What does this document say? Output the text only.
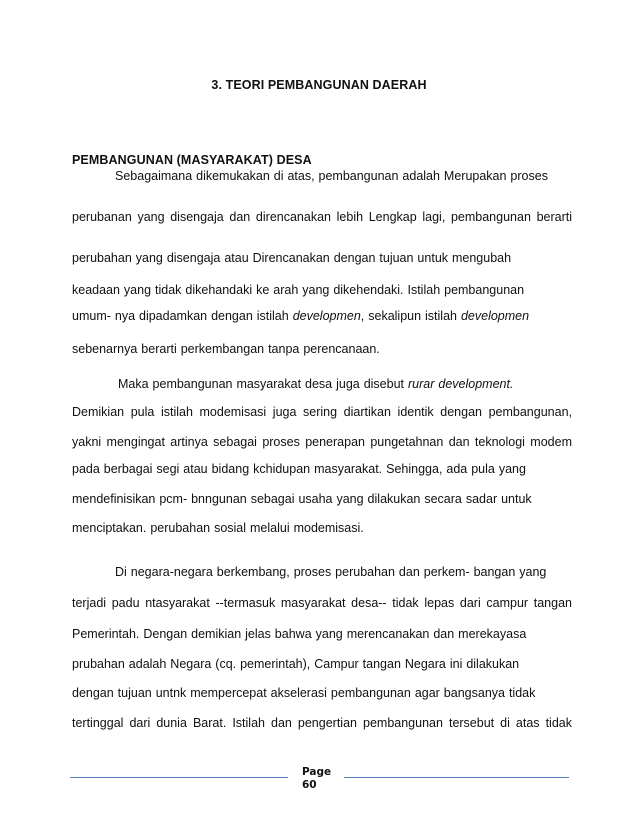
3. TEORI PEMBANGUNAN DAERAH
PEMBANGUNAN (MASYARAKAT) DESA
Sebagaimana dikemukakan di atas, pembangunan adalah Merupakan proses
perubanan yang disengaja dan direncanakan lebih Lengkap lagi, pembangunan berarti
perubahan yang disengaja atau Direncanakan dengan tujuan untuk mengubah
keadaan yang tidak dikehandaki ke arah yang dikehendaki. Istilah pembangunan
umum- nya dipadamkan dengan istilah developmen, sekalipun istilah developmen
sebenarnya berarti perkembangan tanpa perencanaan.
Maka pembangunan masyarakat desa juga disebut rurar development.
Demikian pula istilah modemisasi juga sering diartikan identik dengan pembangunan,
yakni mengingat artinya sebagai proses penerapan pungetahnan dan teknologi modem
pada berbagai segi atau bidang kchidupan masyarakat. Sehingga, ada pula yang
mendefinisikan pcm- bnngunan sebagai usaha yang dilakukan secara sadar untuk
menciptakan. perubahan sosial melalui modemisasi.
Di negara-negara berkembang, proses perubahan dan perkem- bangan yang
terjadi padu ntasyarakat --termasuk masyarakat desa-- tidak lepas dari campur tangan
Pemerintah. Dengan demikian jelas bahwa yang merencanakan dan merekayasa
prubahan adalah Negara (cq. pemerintah), Campur tangan Negara ini dilakukan
dengan tujuan untnk mempercepat akselerasi pembangunan agar bangsanya tidak
tertinggal dari dunia Barat. Istilah dan pengertian pembangunan tersebut di atas tidak
Page
60
